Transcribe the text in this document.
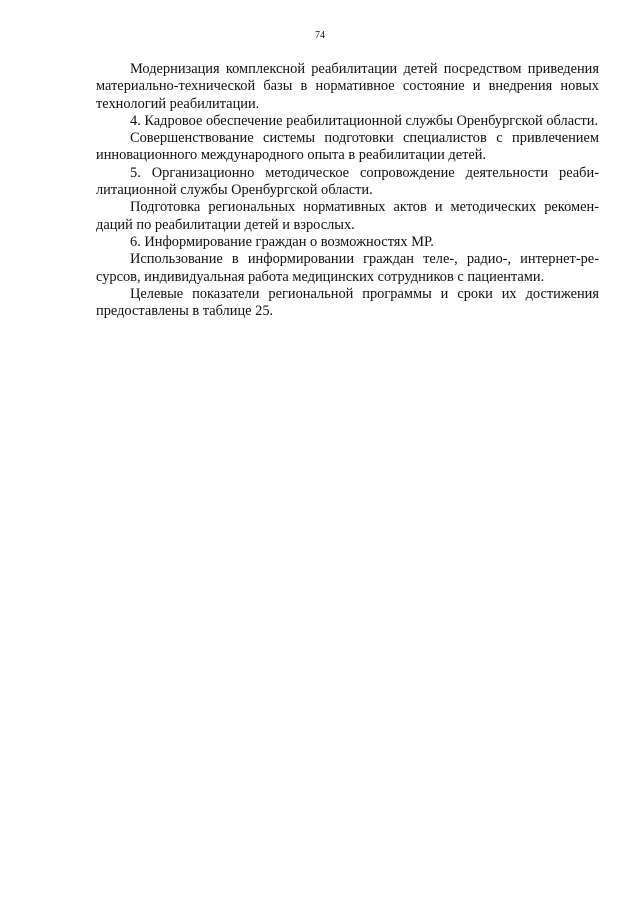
74

Модернизация комплексной реабилитации детей посредством приведения материально-технической базы в нормативное состояние и внедрения новых технологий реабилитации.

4. Кадровое обеспечение реабилитационной службы Оренбургской области.

Совершенствование системы подготовки специалистов с привлечением инновационного международного опыта в реабилитации детей.

5. Организационно методическое сопровождение деятельности реабилитационной службы Оренбургской области.

Подготовка региональных нормативных актов и методических рекомендаций по реабилитации детей и взрослых.

6. Информирование граждан о возможностях МР.

Использование в информировании граждан теле-, радио-, интернет-ресурсов, индивидуальная работа медицинских сотрудников с пациентами.

Целевые показатели региональной программы и сроки их достижения предоставлены в таблице 25.
